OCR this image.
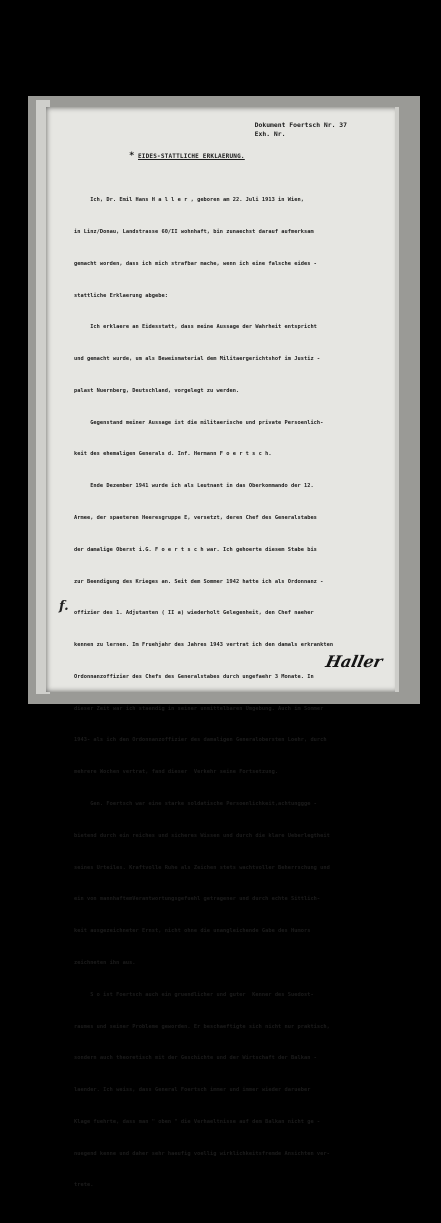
Dokument Foertsch Nr. 37
Exh. Nr.
* EIDES-STATTLICHE ERKLAERUNG.

Ich, Dr. Emil Hans H a l l e r , geboren am 22. Juli 1913 in Wien,

in Linz/Donau, Landstrasse 60/II wohnhaft, bin zunaechst darauf aufmerksam

gemacht worden, dass ich mich strafbar mache, wenn ich eine falsche eides -

stattliche Erklaerung abgebe:

Ich erklaere an Eidesstatt, dass meine Aussage der Wahrheit entspricht

und gemacht wurde, um als Beweismaterial dem Militaergerichtshof im Justiz -

palast Nuernberg, Deutschland, vorgelegt zu werden.

Gegenstand meiner Aussage ist die militaerische und private Persoenlich-

keit des ehemaligen Generals d. Inf. Hermann F o e r t s c h.

Ende Dezember 1941 wurde ich als Leutnant in das Oberkommando der 12.

Armee, der spaeteren Heeresgruppe E, versetzt, deren Chef des Generalstabes

der damalige Oberst i.G. F o e r t s c h war. Ich gehoerte diesem Stabe bis

zur Beendigung des Krieges an. Seit dem Sommer 1942 hatte ich als Ordonnanz -

offizier des 1. Adjutanten ( II a) wiederholt Gelegenheit, den Chef naeher

kennen zu lernen. Im Fruehjahr des Jahres 1943 vertrat ich den damals erkrankten

Ordonnanzoffizier des Chefs des Generalstabes durch ungefaehr 3 Monate. In

dieser Zeit war ich staendig in seiner unmittelbaren Umgebung. Auch im Sommer

1943- als ich den Ordonnanzoffizier des damaligen Generalobersten Loehr, durch

mehrere Wochen vertrat, fand dieser  Verkehr seine Fortsetzung.

Gen. Foertsch war eine starke soldatische Persoenlichkeit,achtunggge -

bietend durch ein reiches und sicheres Wissen und durch die klare Ueberlegtheit

seines Urteiles. Kraftvolle Ruhe als Zeichen stets wachtvoller Beherrschung und

ein von mannhaftemVerantwortungsgefuehl getragener und durch echte Sittlich-

keit ausgezeichneter Ernst, nicht ohne die unangleichende Gabe des Humors

zeichneten ihn aus.

S o ist Foertsch auch ein gruendlicher und guter  Kenner des Suedost-

raumes und seiner Probleme geworden. Er beschaeftigte sich nicht nur praktisch,

sondern auch theoretisch mit der Geschichte und der Wirtschaft der Balkan -

laender. Ich weiss, dass General Foertsch immer und immer wieder darueber

Klage fuehrte, dass man " oben " die Verhaeltnisse auf dem Balkan nicht ge -

nuegend kenne und daher sehr haeufig voellig wirklichkeitsfremde Ansichten ver-

trete.

f.

Haller
